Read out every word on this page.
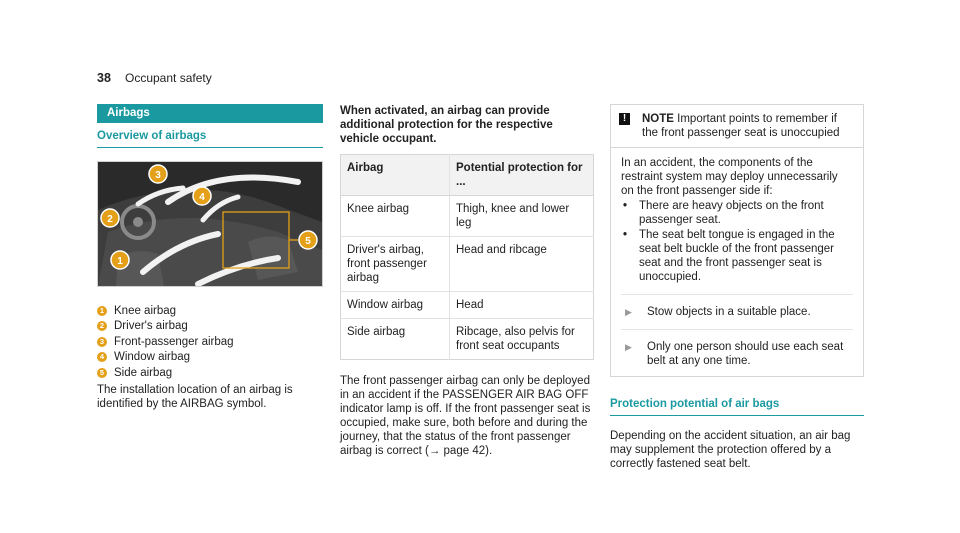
38 Occupant safety
Airbags
Overview of airbags
1
2
3
4
5
1 Knee airbag
2 Driver's airbag
3 Front-passenger airbag
4 Window airbag
5 Side airbag
The installation location of an airbag is identified by the AIRBAG symbol.
When activated, an airbag can provide additional protection for the respective vehicle occupant.
Airbag	Potential protection for ...
Knee airbag	Thigh, knee and lower leg
Driver's airbag, front passenger airbag	Head and ribcage
Window airbag	Head
Side airbag	Ribcage, also pelvis for front seat occupants
The front passenger airbag can only be deployed in an accident if the PASSENGER AIR BAG OFF indicator lamp is off. If the front passenger seat is occupied, make sure, both before and during the journey, that the status of the front passenger airbag is correct (→ page 42).
!	NOTE Important points to remember if the front passenger seat is unoccupied
In an accident, the components of the restraint system may deploy unnecessarily on the front passenger side if:
•	There are heavy objects on the front passenger seat.
•	The seat belt tongue is engaged in the seat belt buckle of the front passenger seat and the front passenger seat is unoccupied.
▶	Stow objects in a suitable place.
▶	Only one person should use each seat belt at any one time.
Protection potential of air bags
Depending on the accident situation, an air bag may supplement the protection offered by a correctly fastened seat belt.
